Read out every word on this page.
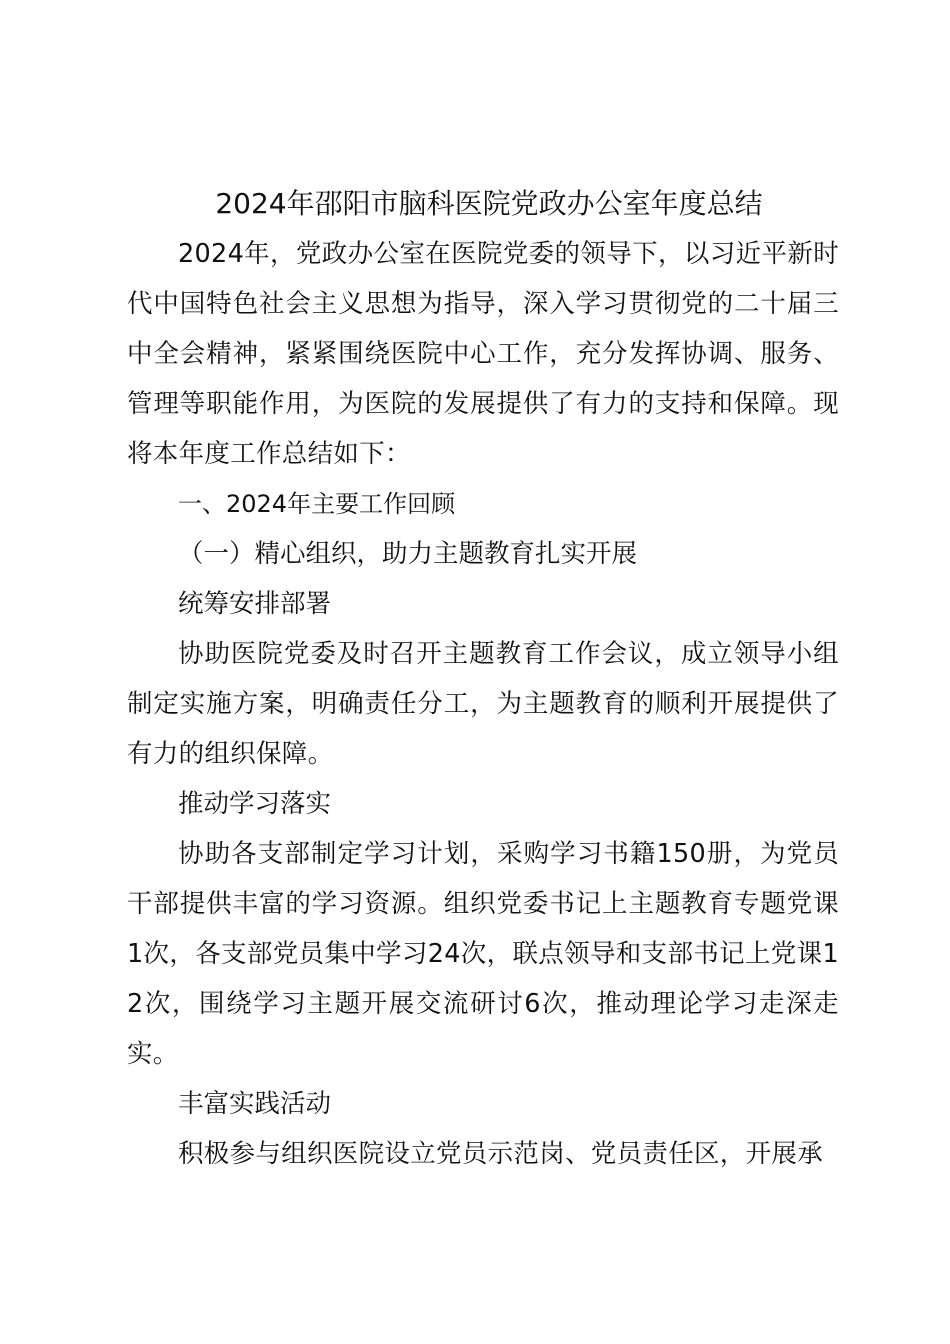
2024年邵阳市脑科医院党政办公室年度总结

2024年，党政办公室在医院党委的领导下，以习近平新时代中国特色社会主义思想为指导，深入学习贯彻党的二十届三中全会精神，紧紧围绕医院中心工作，充分发挥协调、服务、管理等职能作用，为医院的发展提供了有力的支持和保障。现将本年度工作总结如下：

一、2024年主要工作回顾

（一）精心组织，助力主题教育扎实开展

统筹安排部署

协助医院党委及时召开主题教育工作会议，成立领导小组制定实施方案，明确责任分工，为主题教育的顺利开展提供了有力的组织保障。

推动学习落实

协助各支部制定学习计划，采购学习书籍150册，为党员干部提供丰富的学习资源。组织党委书记上主题教育专题党课1次，各支部党员集中学习24次，联点领导和支部书记上党课12次，围绕学习主题开展交流研讨6次，推动理论学习走深走实。

丰富实践活动

积极参与组织医院设立党员示范岗、党员责任区，开展承
